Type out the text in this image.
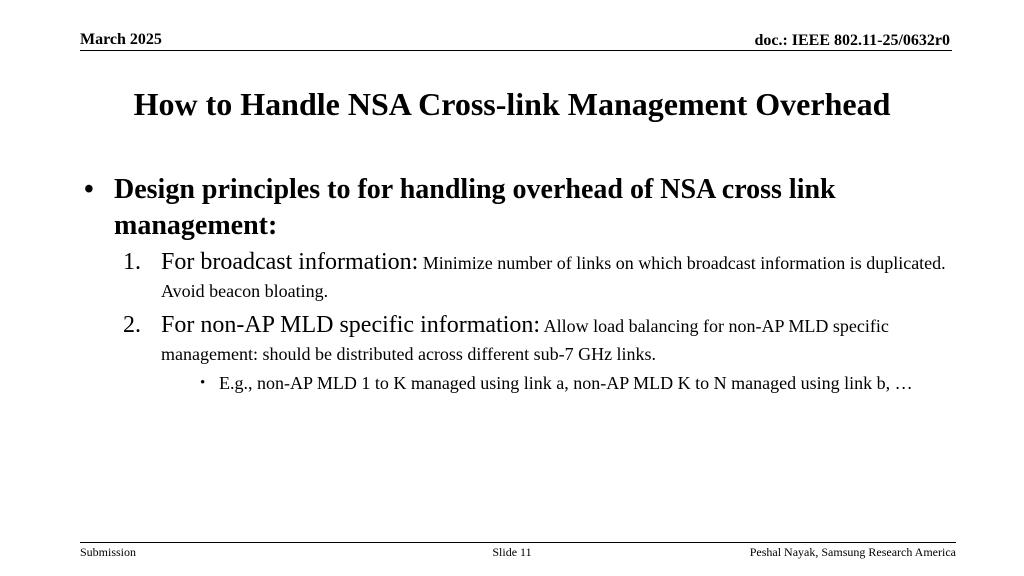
March 2025	doc.: IEEE 802.11-25/0632r0
How to Handle NSA Cross-link Management Overhead
• Design principles to for handling overhead of NSA cross link management:
1. For broadcast information: Minimize number of links on which broadcast information is duplicated. Avoid beacon bloating.
2. For non-AP MLD specific information: Allow load balancing for non-AP MLD specific management: should be distributed across different sub-7 GHz links.
• E.g., non-AP MLD 1 to K managed using link a, non-AP MLD K to N managed using link b, …
Submission	Slide 11	Peshal Nayak, Samsung Research America
